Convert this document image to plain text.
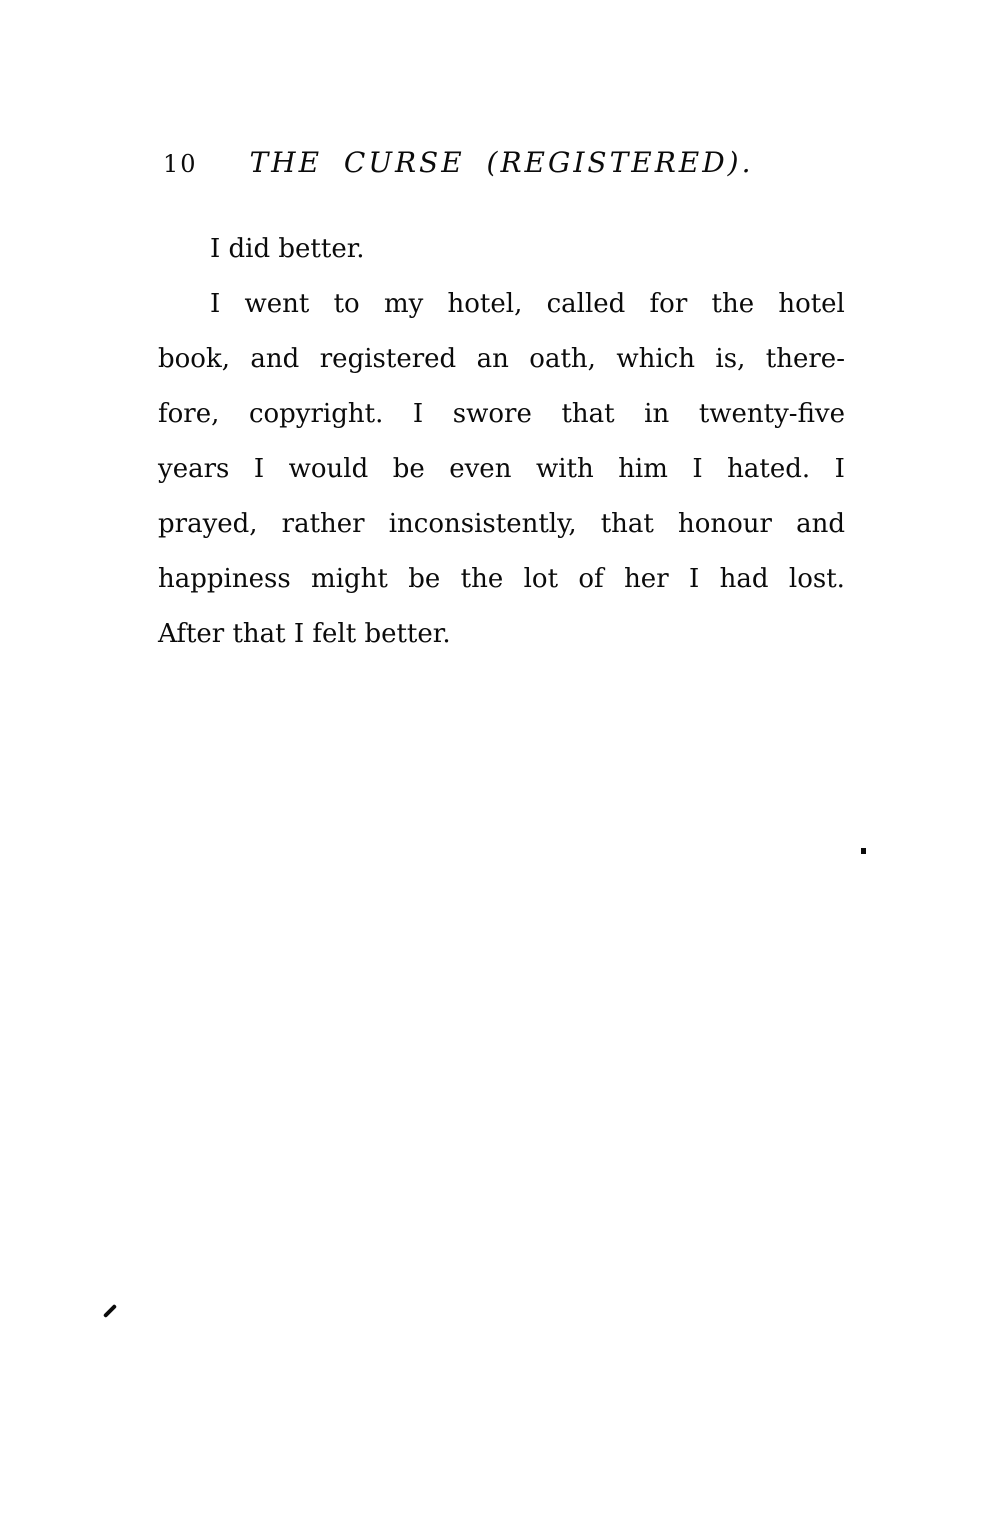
10	THE CURSE (REGISTERED).
I did better.
I went to my hotel, called for the hotel
book, and registered an oath, which is, there-
fore, copyright. I swore that in twenty-five
years I would be even with him I hated. I
prayed, rather inconsistently, that honour and
happiness might be the lot of her I had lost.
After that I felt better.
